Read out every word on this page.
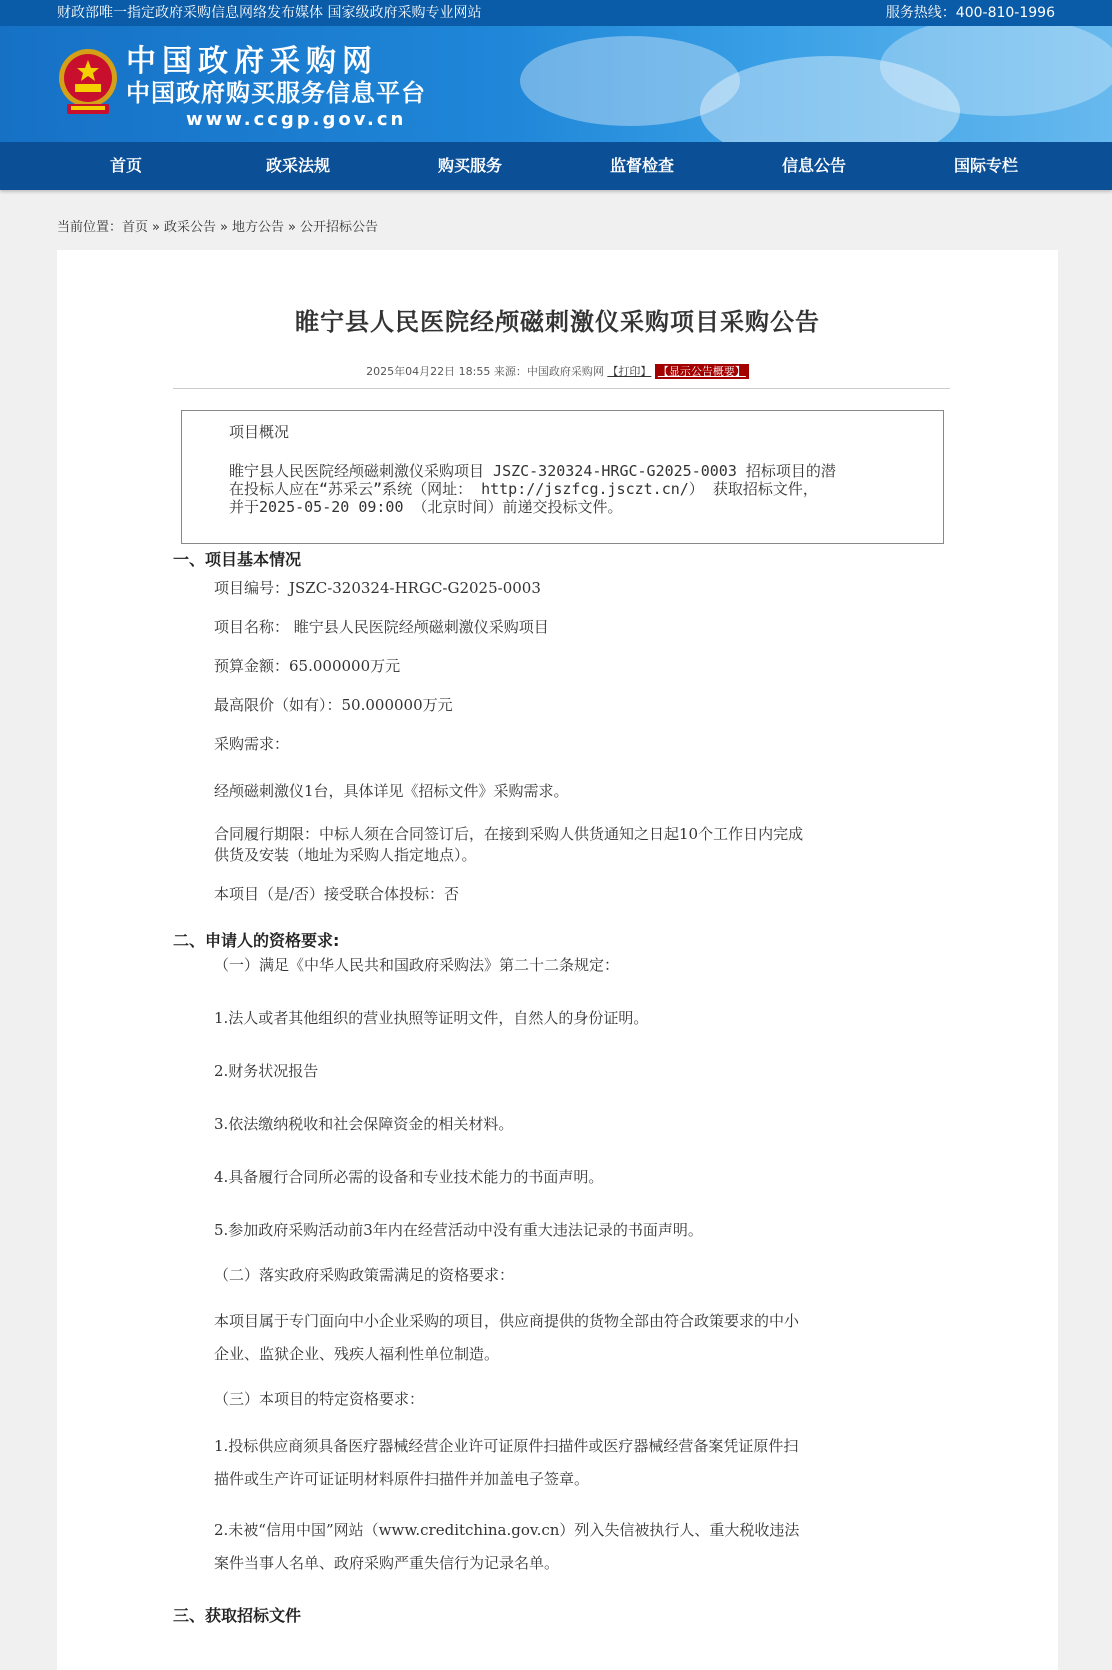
财政部唯一指定政府采购信息网络发布媒体 国家级政府采购专业网站	服务热线：400-810-1996
中国政府采购网
中国政府购买服务信息平台
www.ccgp.gov.cn
首页	政采法规	购买服务	监督检查	信息公告	国际专栏
当前位置：首页 » 政采公告 » 地方公告 » 公开招标公告
睢宁县人民医院经颅磁刺激仪采购项目采购公告
2025年04月22日 18:55 来源：中国政府采购网 【打印】 【显示公告概要】
项目概况
睢宁县人民医院经颅磁刺激仪采购项目 JSZC-320324-HRGC-G2025-0003 招标项目的潜
在投标人应在“苏采云”系统（网址： http://jszfcg.jsczt.cn/） 获取招标文件，
并于2025-05-20 09:00 （北京时间）前递交投标文件。
一、项目基本情况

项目编号：JSZC-320324-HRGC-G2025-0003

项目名称： 睢宁县人民医院经颅磁刺激仪采购项目

预算金额：65.000000万元

最高限价（如有）：50.000000万元

采购需求：

经颅磁刺激仪1台，具体详见《招标文件》采购需求。

合同履行期限：中标人须在合同签订后，在接到采购人供货通知之日起10个工作日内完成

供货及安装（地址为采购人指定地点）。

本项目（是/否）接受联合体投标：否

二、申请人的资格要求:

（一）满足《中华人民共和国政府采购法》第二十二条规定：

1.法人或者其他组织的营业执照等证明文件，自然人的身份证明。

2.财务状况报告

3.依法缴纳税收和社会保障资金的相关材料。

4.具备履行合同所必需的设备和专业技术能力的书面声明。

5.参加政府采购活动前3年内在经营活动中没有重大违法记录的书面声明。

（二）落实政府采购政策需满足的资格要求：

本项目属于专门面向中小企业采购的项目，供应商提供的货物全部由符合政策要求的中小

企业、监狱企业、残疾人福利性单位制造。

（三）本项目的特定资格要求：

1.投标供应商须具备医疗器械经营企业许可证原件扫描件或医疗器械经营备案凭证原件扫

描件或生产许可证证明材料原件扫描件并加盖电子签章。

2.未被“信用中国”网站（www.creditchina.gov.cn）列入失信被执行人、重大税收违法

案件当事人名单、政府采购严重失信行为记录名单。

三、获取招标文件
